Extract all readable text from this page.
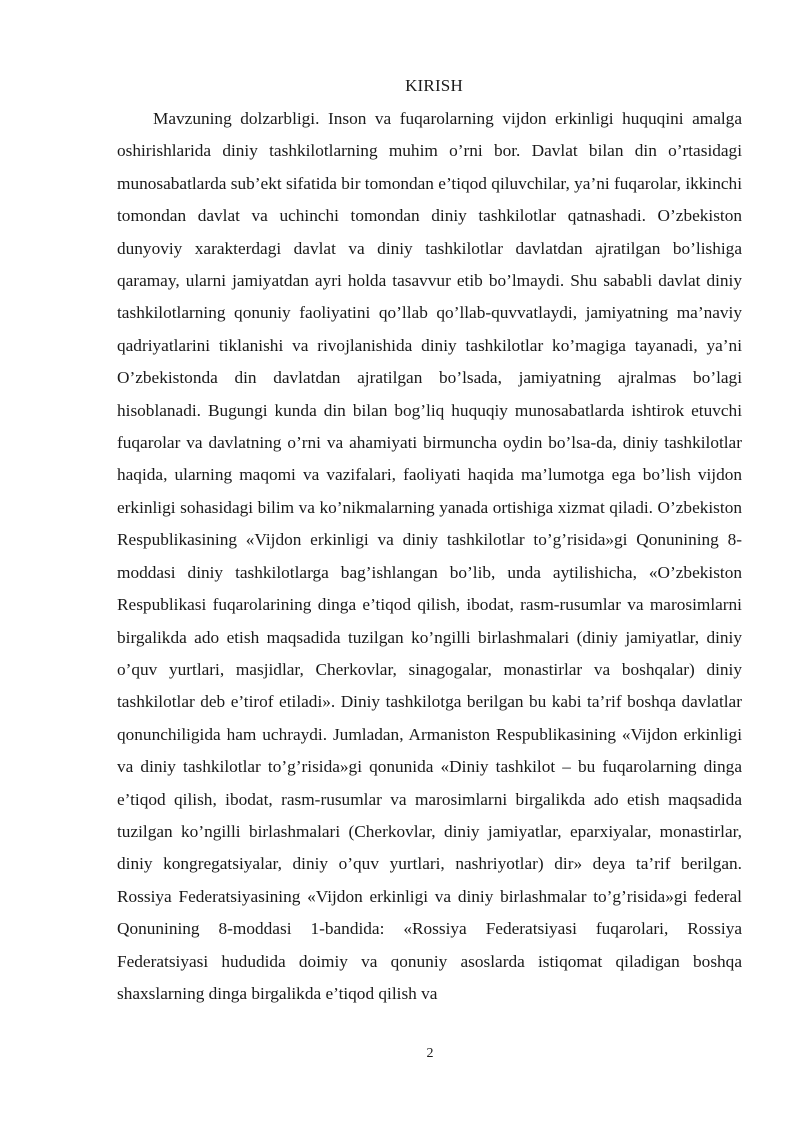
KIRISH

Mavzuning dolzarbligi. Inson va fuqarolarning vijdon erkinligi huquqini amalga oshirishlarida diniy tashkilotlarning muhim o’rni bor. Davlat bilan din o’rtasidagi munosabatlarda sub’ekt sifatida bir tomondan e’tiqod qiluvchilar, ya’ni fuqarolar, ikkinchi tomondan davlat va uchinchi tomondan diniy tashkilotlar qatnashadi. O’zbekiston dunyoviy xarakterdagi davlat va diniy tashkilotlar davlatdan ajratilgan bo’lishiga qaramay, ularni jamiyatdan ayri holda tasavvur etib bo’lmaydi. Shu sababli davlat diniy tashkilotlarning qonuniy faoliyatini qo’llab qo’llab-quvvatlaydi, jamiyatning ma’naviy qadriyatlarini tiklanishi va rivojlanishida diniy tashkilotlar ko’magiga tayanadi, ya’ni O’zbekistonda din davlatdan ajratilgan bo’lsada, jamiyatning ajralmas bo’lagi hisoblanadi. Bugungi kunda din bilan bog’liq huquqiy munosabatlarda ishtirok etuvchi fuqarolar va davlatning o’rni va ahamiyati birmuncha oydin bo’lsa-da, diniy tashkilotlar haqida, ularning maqomi va vazifalari, faoliyati haqida ma’lumotga ega bo’lish vijdon erkinligi sohasidagi bilim va ko’nikmalarning yanada ortishiga xizmat qiladi. O’zbekiston Respublikasining «Vijdon erkinligi va diniy tashkilotlar to’g’risida»gi Qonunining 8-moddasi diniy tashkilotlarga bag’ishlangan bo’lib, unda aytilishicha, «O’zbekiston Respublikasi fuqarolarining dinga e’tiqod qilish, ibodat, rasm-rusumlar va marosimlarni birgalikda ado etish maqsadida tuzilgan ko’ngilli birlashmalari (diniy jamiyatlar, diniy o’quv yurtlari, masjidlar, Cherkovlar, sinagogalar, monastirlar va boshqalar) diniy tashkilotlar deb e’tirof etiladi». Diniy tashkilotga berilgan bu kabi ta’rif boshqa davlatlar qonunchiligida ham uchraydi. Jumladan, Armaniston Respublikasining «Vijdon erkinligi va diniy tashkilotlar to’g’risida»gi qonunida «Diniy tashkilot – bu fuqarolarning dinga e’tiqod qilish, ibodat, rasm-rusumlar va marosimlarni birgalikda ado etish maqsadida tuzilgan ko’ngilli birlashmalari (Cherkovlar, diniy jamiyatlar, eparxiyalar, monastirlar, diniy kongregatsiyalar, diniy o’quv yurtlari, nashriyotlar) dir» deya ta’rif berilgan. Rossiya Federatsiyasining «Vijdon erkinligi va diniy birlashmalar to’g’risida»gi federal Qonunining 8-moddasi 1-bandida: «Rossiya Federatsiyasi fuqarolari, Rossiya Federatsiyasi hududida doimiy va qonuniy asoslarda istiqomat qiladigan boshqa shaxslarning dinga birgalikda e’tiqod qilish va

2
